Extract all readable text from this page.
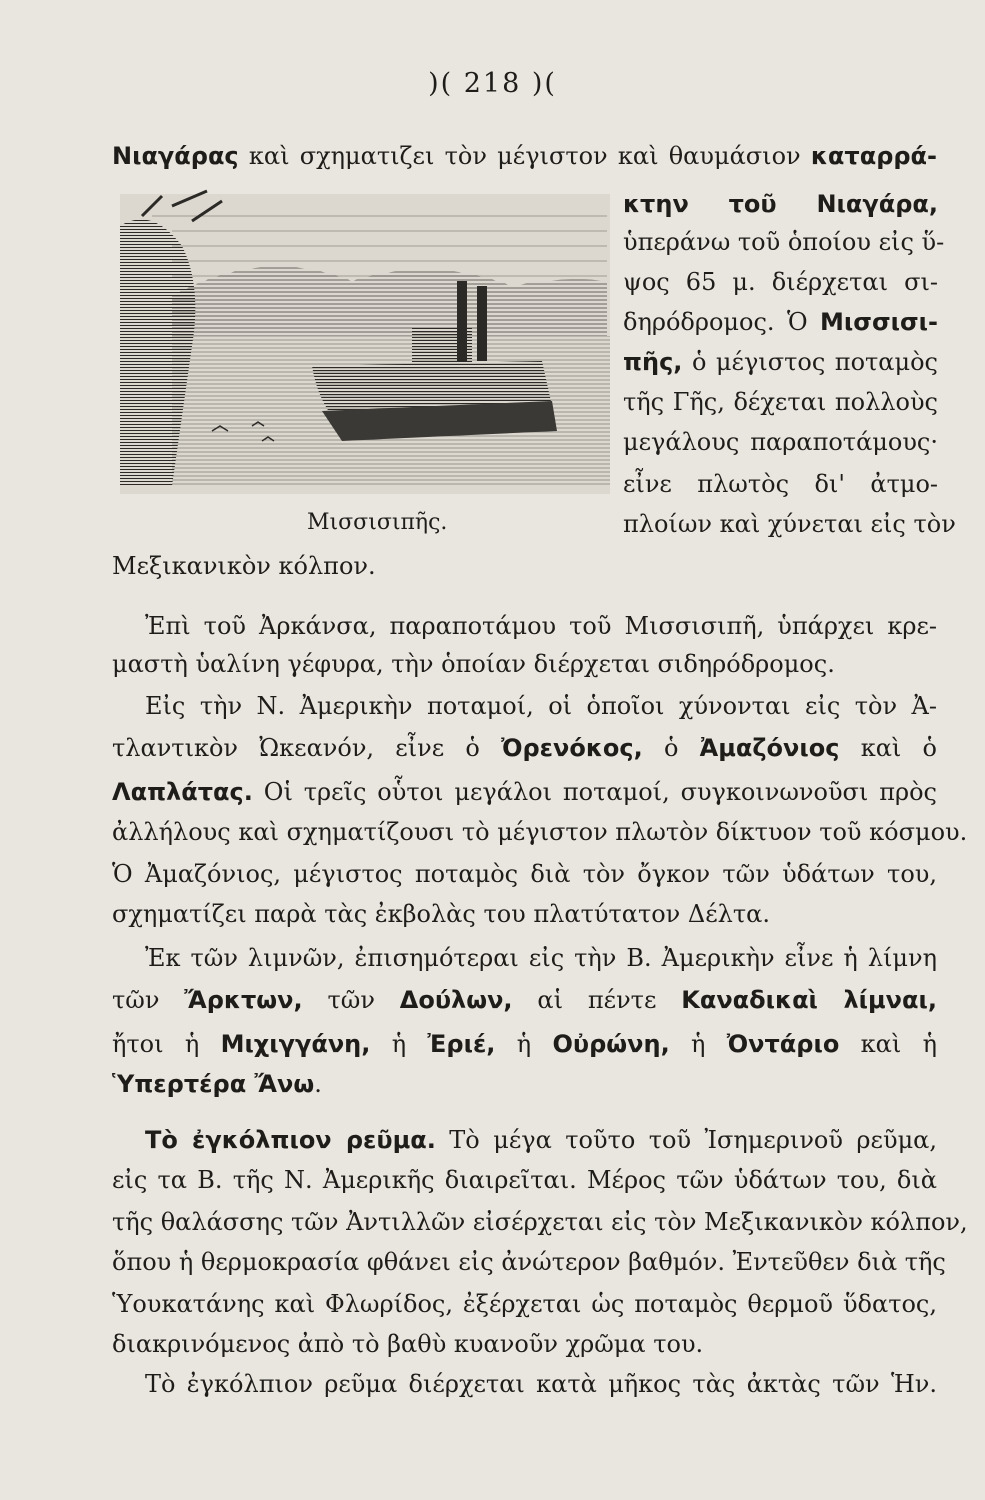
)( 218 )(
Νιαγάρας καὶ σχηματιζει τὸν μέγιστον καὶ θαυμάσιον καταρρά-
Μισσισιπῆς.
κτην τοῦ Νιαγάρα,
ὑπεράνω τοῦ ὁποίου εἰς ὕ-
ψος 65 μ. διέρχεται σι-
δηρόδρομος. Ὁ Μισσισι-
πῆς, ὁ μέγιστος ποταμὸς
τῆς Γῆς, δέχεται πολλοὺς
μεγάλους παραποτάμους·
εἶνε πλωτὸς δι' ἀτμο-
πλοίων καὶ χύνεται εἰς τὸν
Μεξικανικὸν κόλπον.
Ἐπὶ τοῦ Ἀρκάνσα, παραποτάμου τοῦ Μισσισιπῆ, ὑπάρχει κρε-
μαστὴ ὑαλίνη γέφυρα, τὴν ὁποίαν διέρχεται σιδηρόδρομος.
Εἰς τὴν Ν. Ἀμερικὴν ποταμοί, οἱ ὁποῖοι χύνονται εἰς τὸν Ἀ-
τλαντικὸν Ὠκεανόν, εἶνε ὁ Ὀρενόκος, ὁ Ἀμαζόνιος καὶ ὁ
Λαπλάτας. Οἱ τρεῖς οὗτοι μεγάλοι ποταμοί, συγκοινωνοῦσι πρὸς
ἀλλήλους καὶ σχηματίζουσι τὸ μέγιστον πλωτὸν δίκτυον τοῦ κόσμου.
Ὁ Ἀμαζόνιος, μέγιστος ποταμὸς διὰ τὸν ὄγκον τῶν ὑδάτων του,
σχηματίζει παρὰ τὰς ἐκβολὰς του πλατύτατον Δέλτα.
Ἐκ τῶν λιμνῶν, ἐπισημότεραι εἰς τὴν Β. Ἀμερικὴν εἶνε ἡ λίμνη
τῶν Ἄρκτων, τῶν Δούλων, αἱ πέντε Καναδικαὶ λίμναι,
ἤτοι ἡ Μιχιγγάνη, ἡ Ἐριέ, ἡ Οὐρώνη, ἡ Ὀντάριο καὶ ἡ
Ὑπερτέρα Ἄνω.
Τὸ ἐγκόλπιον ρεῦμα. Τὸ μέγα τοῦτο τοῦ Ἰσημερινοῦ ρεῦμα,
εἰς τα Β. τῆς Ν. Ἀμερικῆς διαιρεῖται. Μέρος τῶν ὑδάτων του, διὰ
τῆς θαλάσσης τῶν Ἀντιλλῶν εἰσέρχεται εἰς τὸν Μεξικανικὸν κόλπον,
ὅπου ἡ θερμοκρασία φθάνει εἰς ἀνώτερον βαθμόν. Ἐντεῦθεν διὰ τῆς
Ὑουκατάνης καὶ Φλωρίδος, ἐξέρχεται ὡς ποταμὸς θερμοῦ ὕδατος,
διακρινόμενος ἀπὸ τὸ βαθὺ κυανοῦν χρῶμα του.
Τὸ ἐγκόλπιον ρεῦμα διέρχεται κατὰ μῆκος τὰς ἀκτὰς τῶν Ἡν.
